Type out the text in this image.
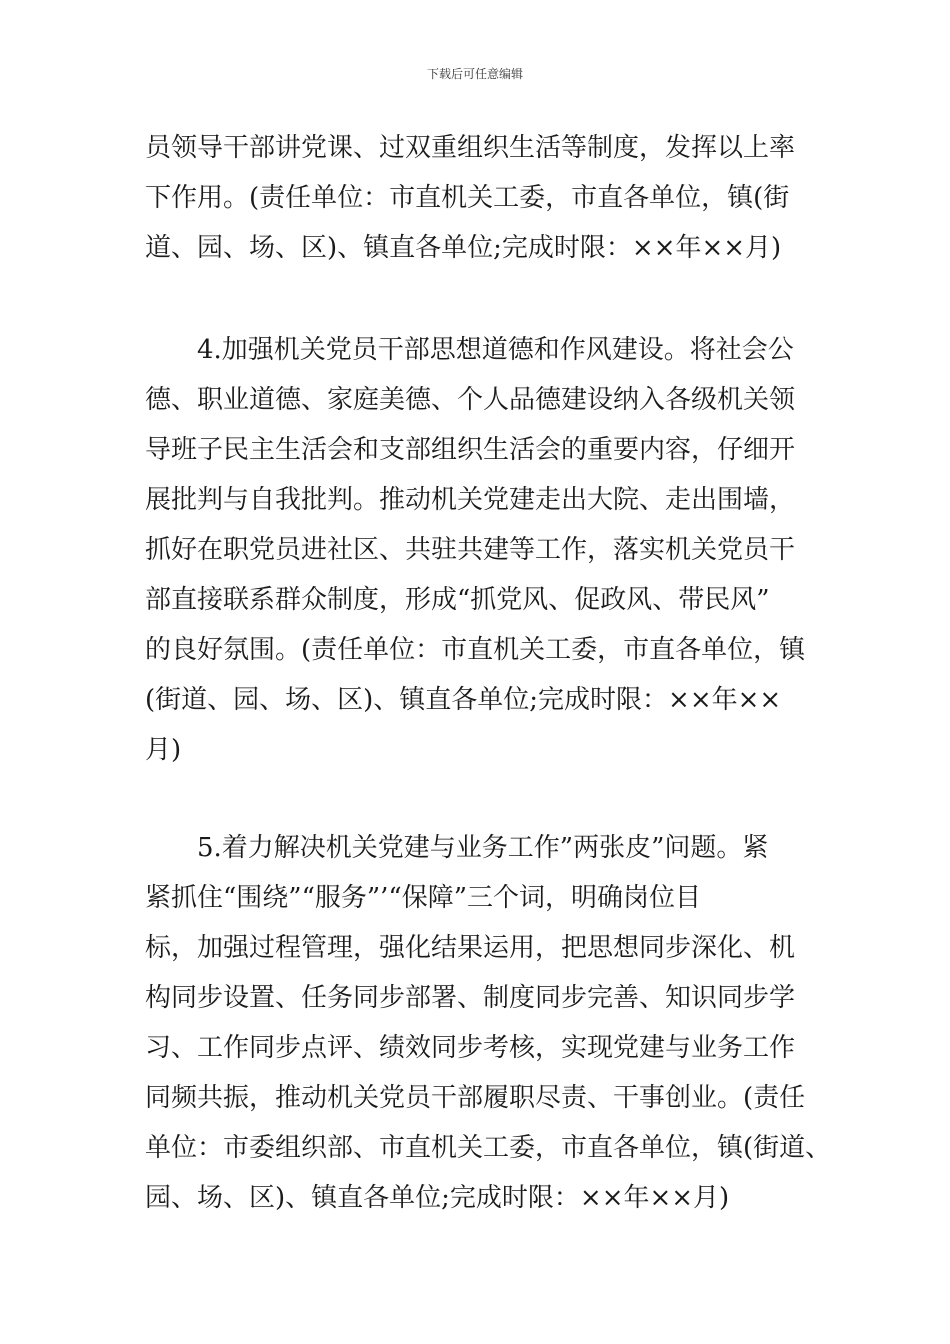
下载后可任意编辑
员领导干部讲党课、过双重组织生活等制度，发挥以上率
下作用。(责任单位：市直机关工委，市直各单位，镇(街
道、园、场、区)、镇直各单位;完成时限：××年××月)
4.加强机关党员干部思想道德和作风建设。将社会公
德、职业道德、家庭美德、个人品德建设纳入各级机关领
导班子民主生活会和支部组织生活会的重要内容，仔细开
展批判与自我批判。推动机关党建走出大院、走出围墙，
抓好在职党员进社区、共驻共建等工作，落实机关党员干
部直接联系群众制度，形成“抓党风、促政风、带民风”
的良好氛围。(责任单位：市直机关工委，市直各单位，镇
(街道、园、场、区)、镇直各单位;完成时限：××年××
月)
5.着力解决机关党建与业务工作”两张皮”问题。紧
紧抓住“围绕”“服务”’“保障”三个词，明确岗位目
标，加强过程管理，强化结果运用，把思想同步深化、机
构同步设置、任务同步部署、制度同步完善、知识同步学
习、工作同步点评、绩效同步考核，实现党建与业务工作
同频共振，推动机关党员干部履职尽责、干事创业。(责任
单位：市委组织部、市直机关工委，市直各单位，镇(街道、
园、场、区)、镇直各单位;完成时限：××年××月)
